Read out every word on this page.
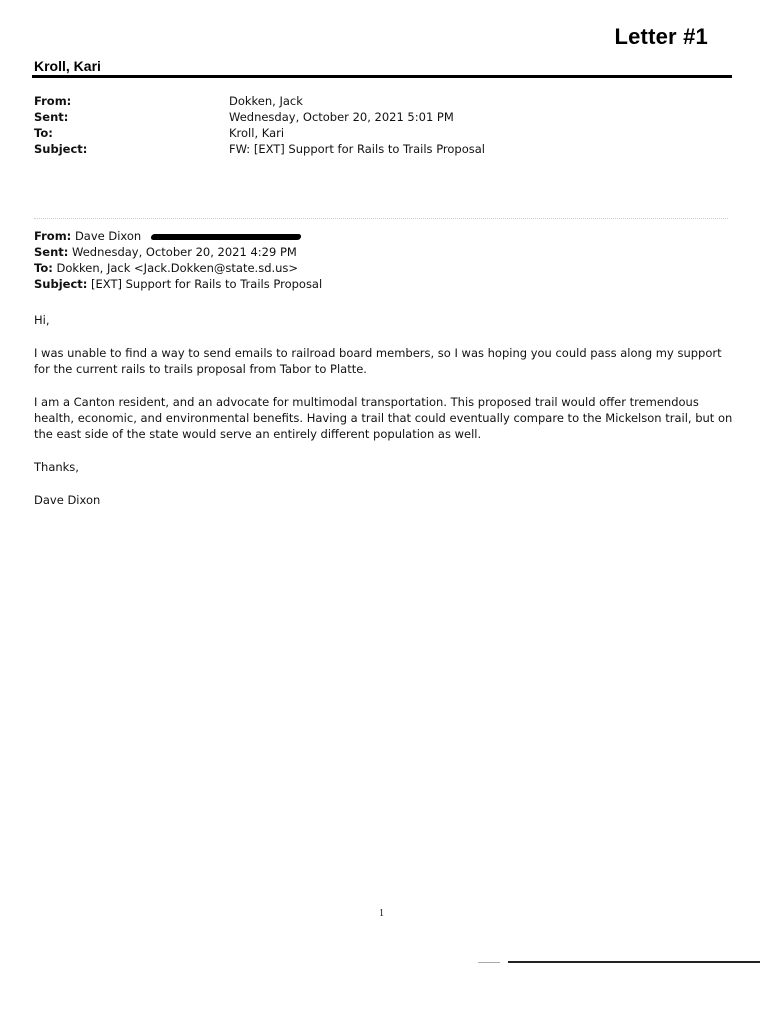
Letter #1
Kroll, Kari
From:	Dokken, Jack
Sent:	Wednesday, October 20, 2021 5:01 PM
To:	Kroll, Kari
Subject:	FW: [EXT] Support for Rails to Trails Proposal
From: Dave Dixon
Sent: Wednesday, October 20, 2021 4:29 PM
To: Dokken, Jack <Jack.Dokken@state.sd.us>
Subject: [EXT] Support for Rails to Trails Proposal

Hi,

I was unable to find a way to send emails to railroad board members, so I was hoping you could pass along my support for the current rails to trails proposal from Tabor to Platte.

I am a Canton resident, and an advocate for multimodal transportation. This proposed trail would offer tremendous health, economic, and environmental benefits. Having a trail that could eventually compare to the Mickelson trail, but on the east side of the state would serve an entirely different population as well.

Thanks,

Dave Dixon

1
